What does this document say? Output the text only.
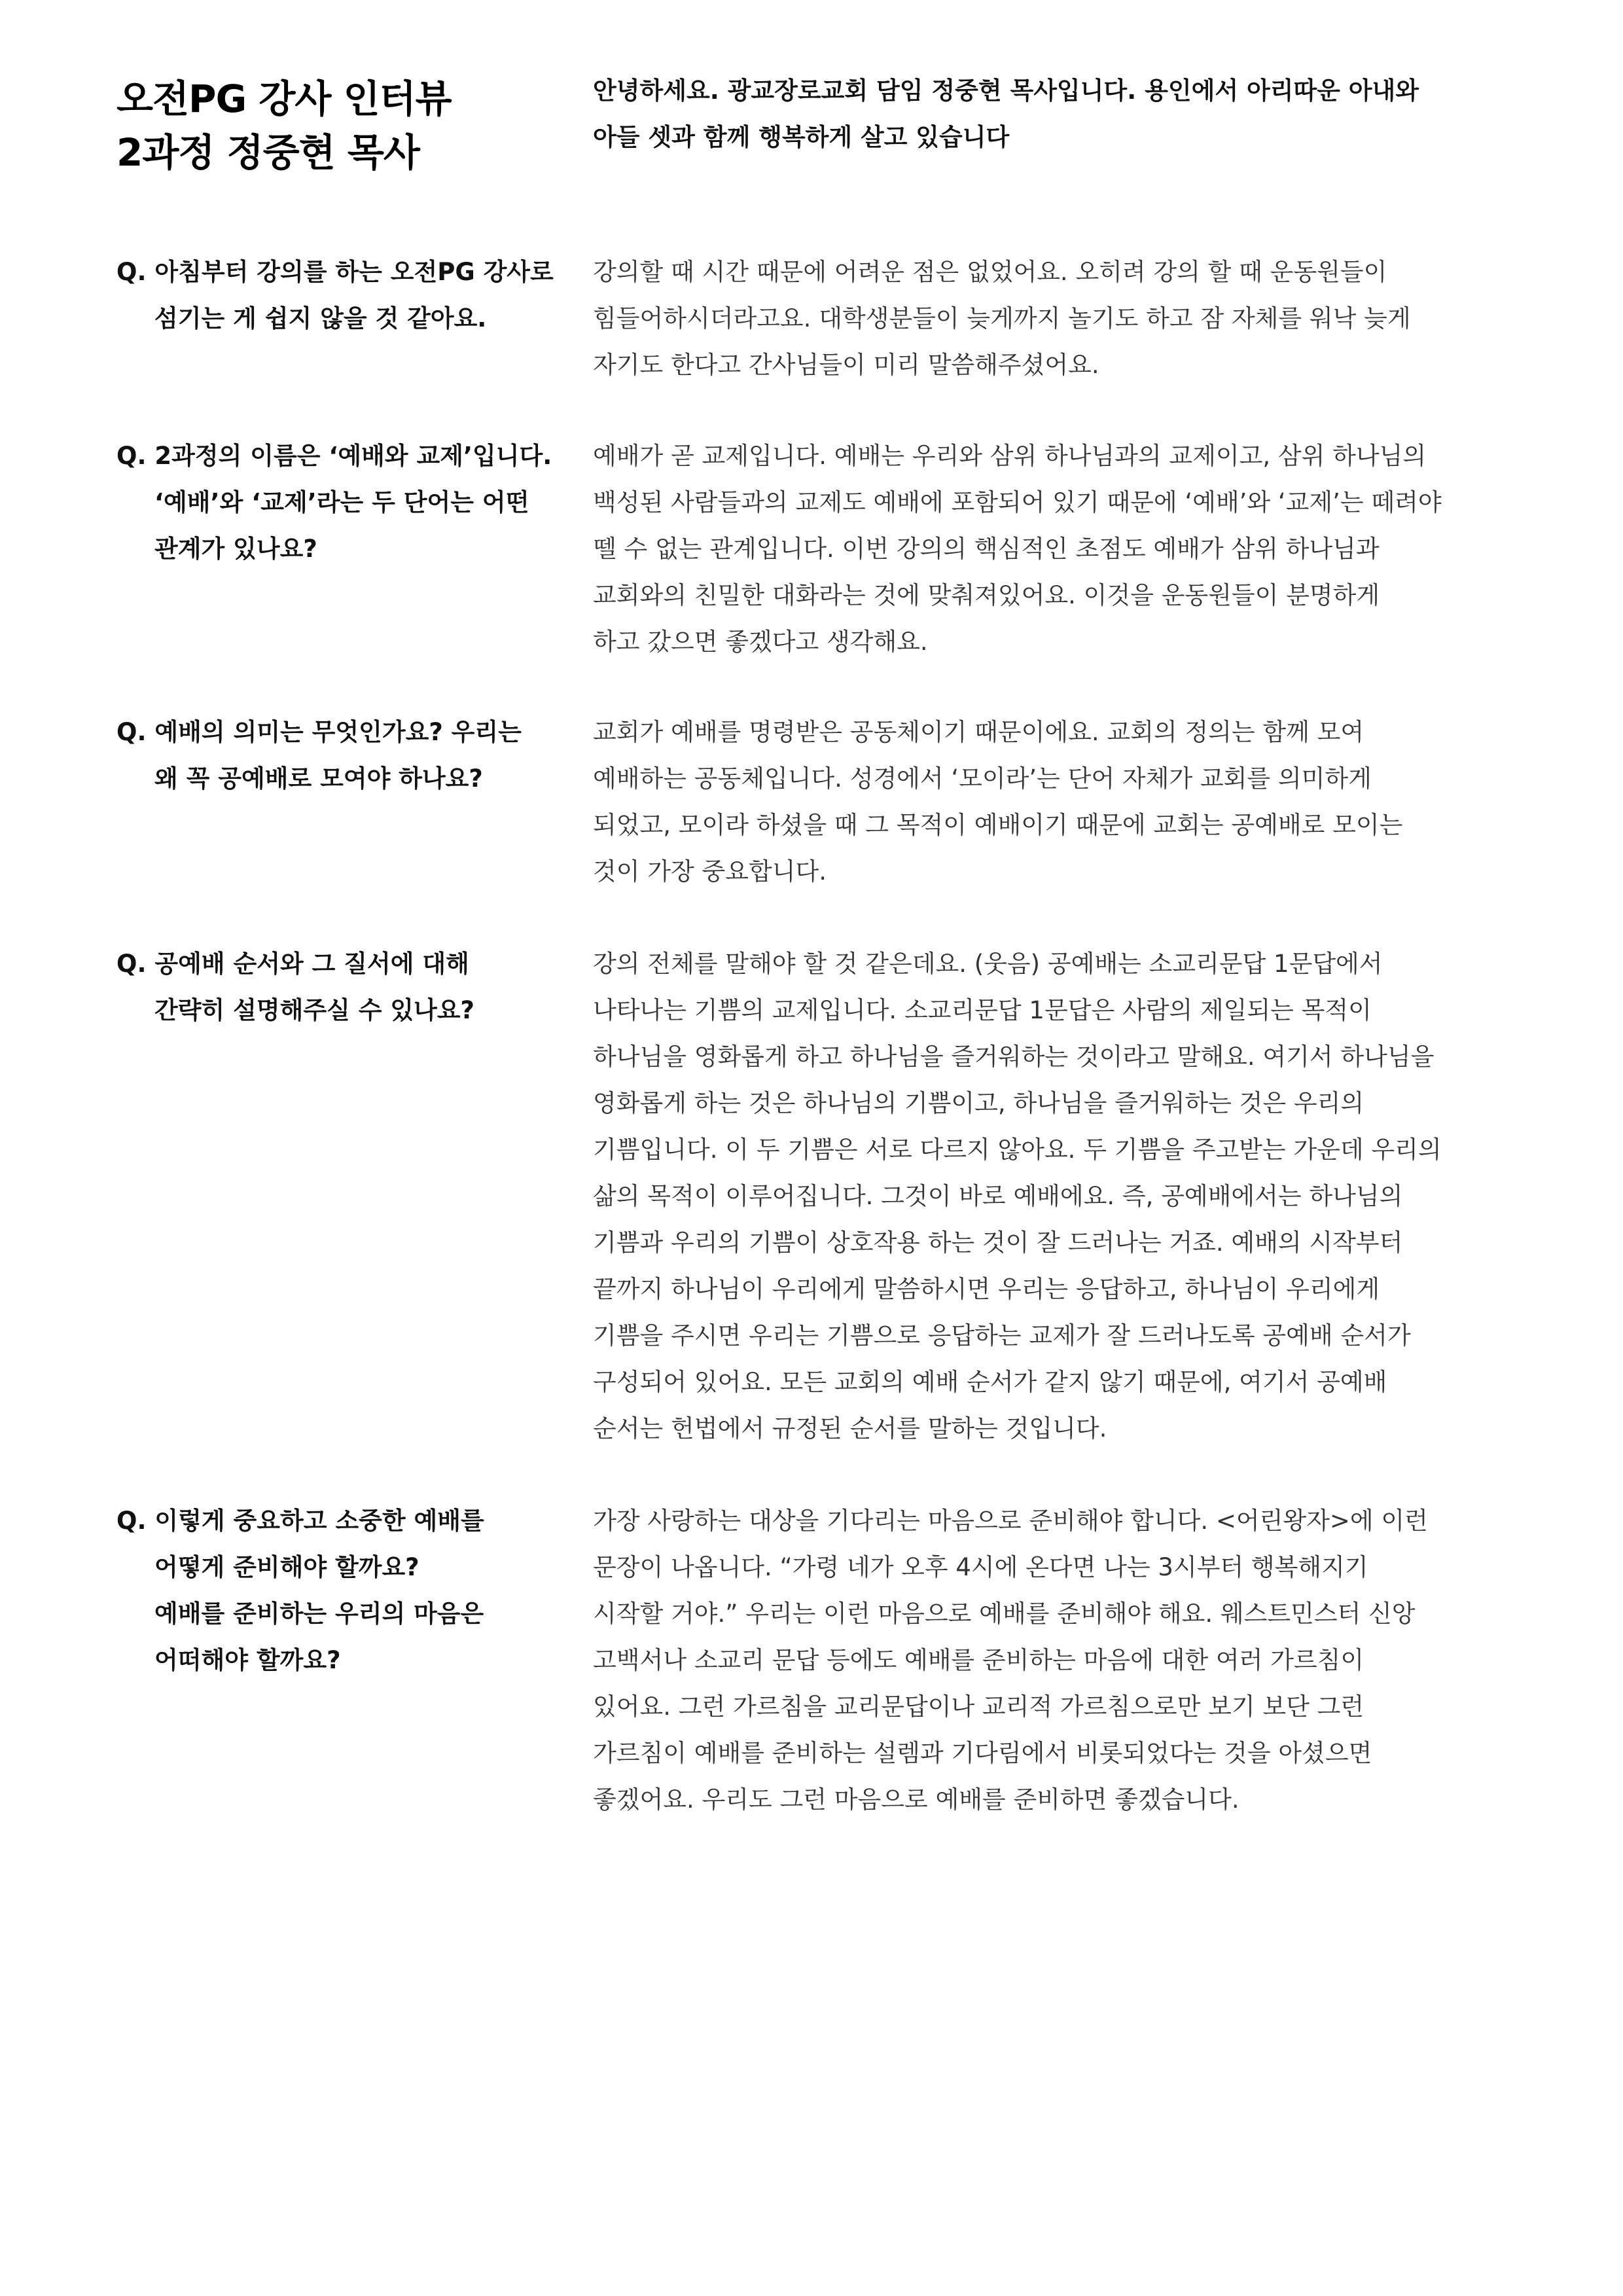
오전PG 강사 인터뷰
2과정 정중현 목사
안녕하세요. 광교장로교회 담임 정중현 목사입니다. 용인에서 아리따운 아내와
아들 셋과 함께 행복하게 살고 있습니다
Q. 아침부터 강의를 하는 오전PG 강사로
섬기는 게 쉽지 않을 것 같아요.
강의할 때 시간 때문에 어려운 점은 없었어요. 오히려 강의 할 때 운동원들이
힘들어하시더라고요. 대학생분들이 늦게까지 놀기도 하고 잠 자체를 워낙 늦게
자기도 한다고 간사님들이 미리 말씀해주셨어요.
Q. 2과정의 이름은 ‘예배와 교제’입니다.
‘예배’와 ‘교제’라는 두 단어는 어떤
관계가 있나요?
예배가 곧 교제입니다. 예배는 우리와 삼위 하나님과의 교제이고, 삼위 하나님의
백성된 사람들과의 교제도 예배에 포함되어 있기 때문에 ‘예배’와 ‘교제’는 떼려야
뗄 수 없는 관계입니다. 이번 강의의 핵심적인 초점도 예배가 삼위 하나님과
교회와의 친밀한 대화라는 것에 맞춰져있어요. 이것을 운동원들이 분명하게
하고 갔으면 좋겠다고 생각해요.
Q. 예배의 의미는 무엇인가요? 우리는
왜 꼭 공예배로 모여야 하나요?
교회가 예배를 명령받은 공동체이기 때문이에요. 교회의 정의는 함께 모여
예배하는 공동체입니다. 성경에서 ‘모이라’는 단어 자체가 교회를 의미하게
되었고, 모이라 하셨을 때 그 목적이 예배이기 때문에 교회는 공예배로 모이는
것이 가장 중요합니다.
Q. 공예배 순서와 그 질서에 대해
간략히 설명해주실 수 있나요?
강의 전체를 말해야 할 것 같은데요. (웃음) 공예배는 소교리문답 1문답에서
나타나는 기쁨의 교제입니다. 소교리문답 1문답은 사람의 제일되는 목적이
하나님을 영화롭게 하고 하나님을 즐거워하는 것이라고 말해요. 여기서 하나님을
영화롭게 하는 것은 하나님의 기쁨이고, 하나님을 즐거워하는 것은 우리의
기쁨입니다. 이 두 기쁨은 서로 다르지 않아요. 두 기쁨을 주고받는 가운데 우리의
삶의 목적이 이루어집니다. 그것이 바로 예배에요. 즉, 공예배에서는 하나님의
기쁨과 우리의 기쁨이 상호작용 하는 것이 잘 드러나는 거죠. 예배의 시작부터
끝까지 하나님이 우리에게 말씀하시면 우리는 응답하고, 하나님이 우리에게
기쁨을 주시면 우리는 기쁨으로 응답하는 교제가 잘 드러나도록 공예배 순서가
구성되어 있어요. 모든 교회의 예배 순서가 같지 않기 때문에, 여기서 공예배
순서는 헌법에서 규정된 순서를 말하는 것입니다.
Q. 이렇게 중요하고 소중한 예배를
어떻게 준비해야 할까요?
예배를 준비하는 우리의 마음은
어떠해야 할까요?
가장 사랑하는 대상을 기다리는 마음으로 준비해야 합니다. <어린왕자>에 이런
문장이 나옵니다. “가령 네가 오후 4시에 온다면 나는 3시부터 행복해지기
시작할 거야.” 우리는 이런 마음으로 예배를 준비해야 해요. 웨스트민스터 신앙
고백서나 소교리 문답 등에도 예배를 준비하는 마음에 대한 여러 가르침이
있어요. 그런 가르침을 교리문답이나 교리적 가르침으로만 보기 보단 그런
가르침이 예배를 준비하는 설렘과 기다림에서 비롯되었다는 것을 아셨으면
좋겠어요. 우리도 그런 마음으로 예배를 준비하면 좋겠습니다.
